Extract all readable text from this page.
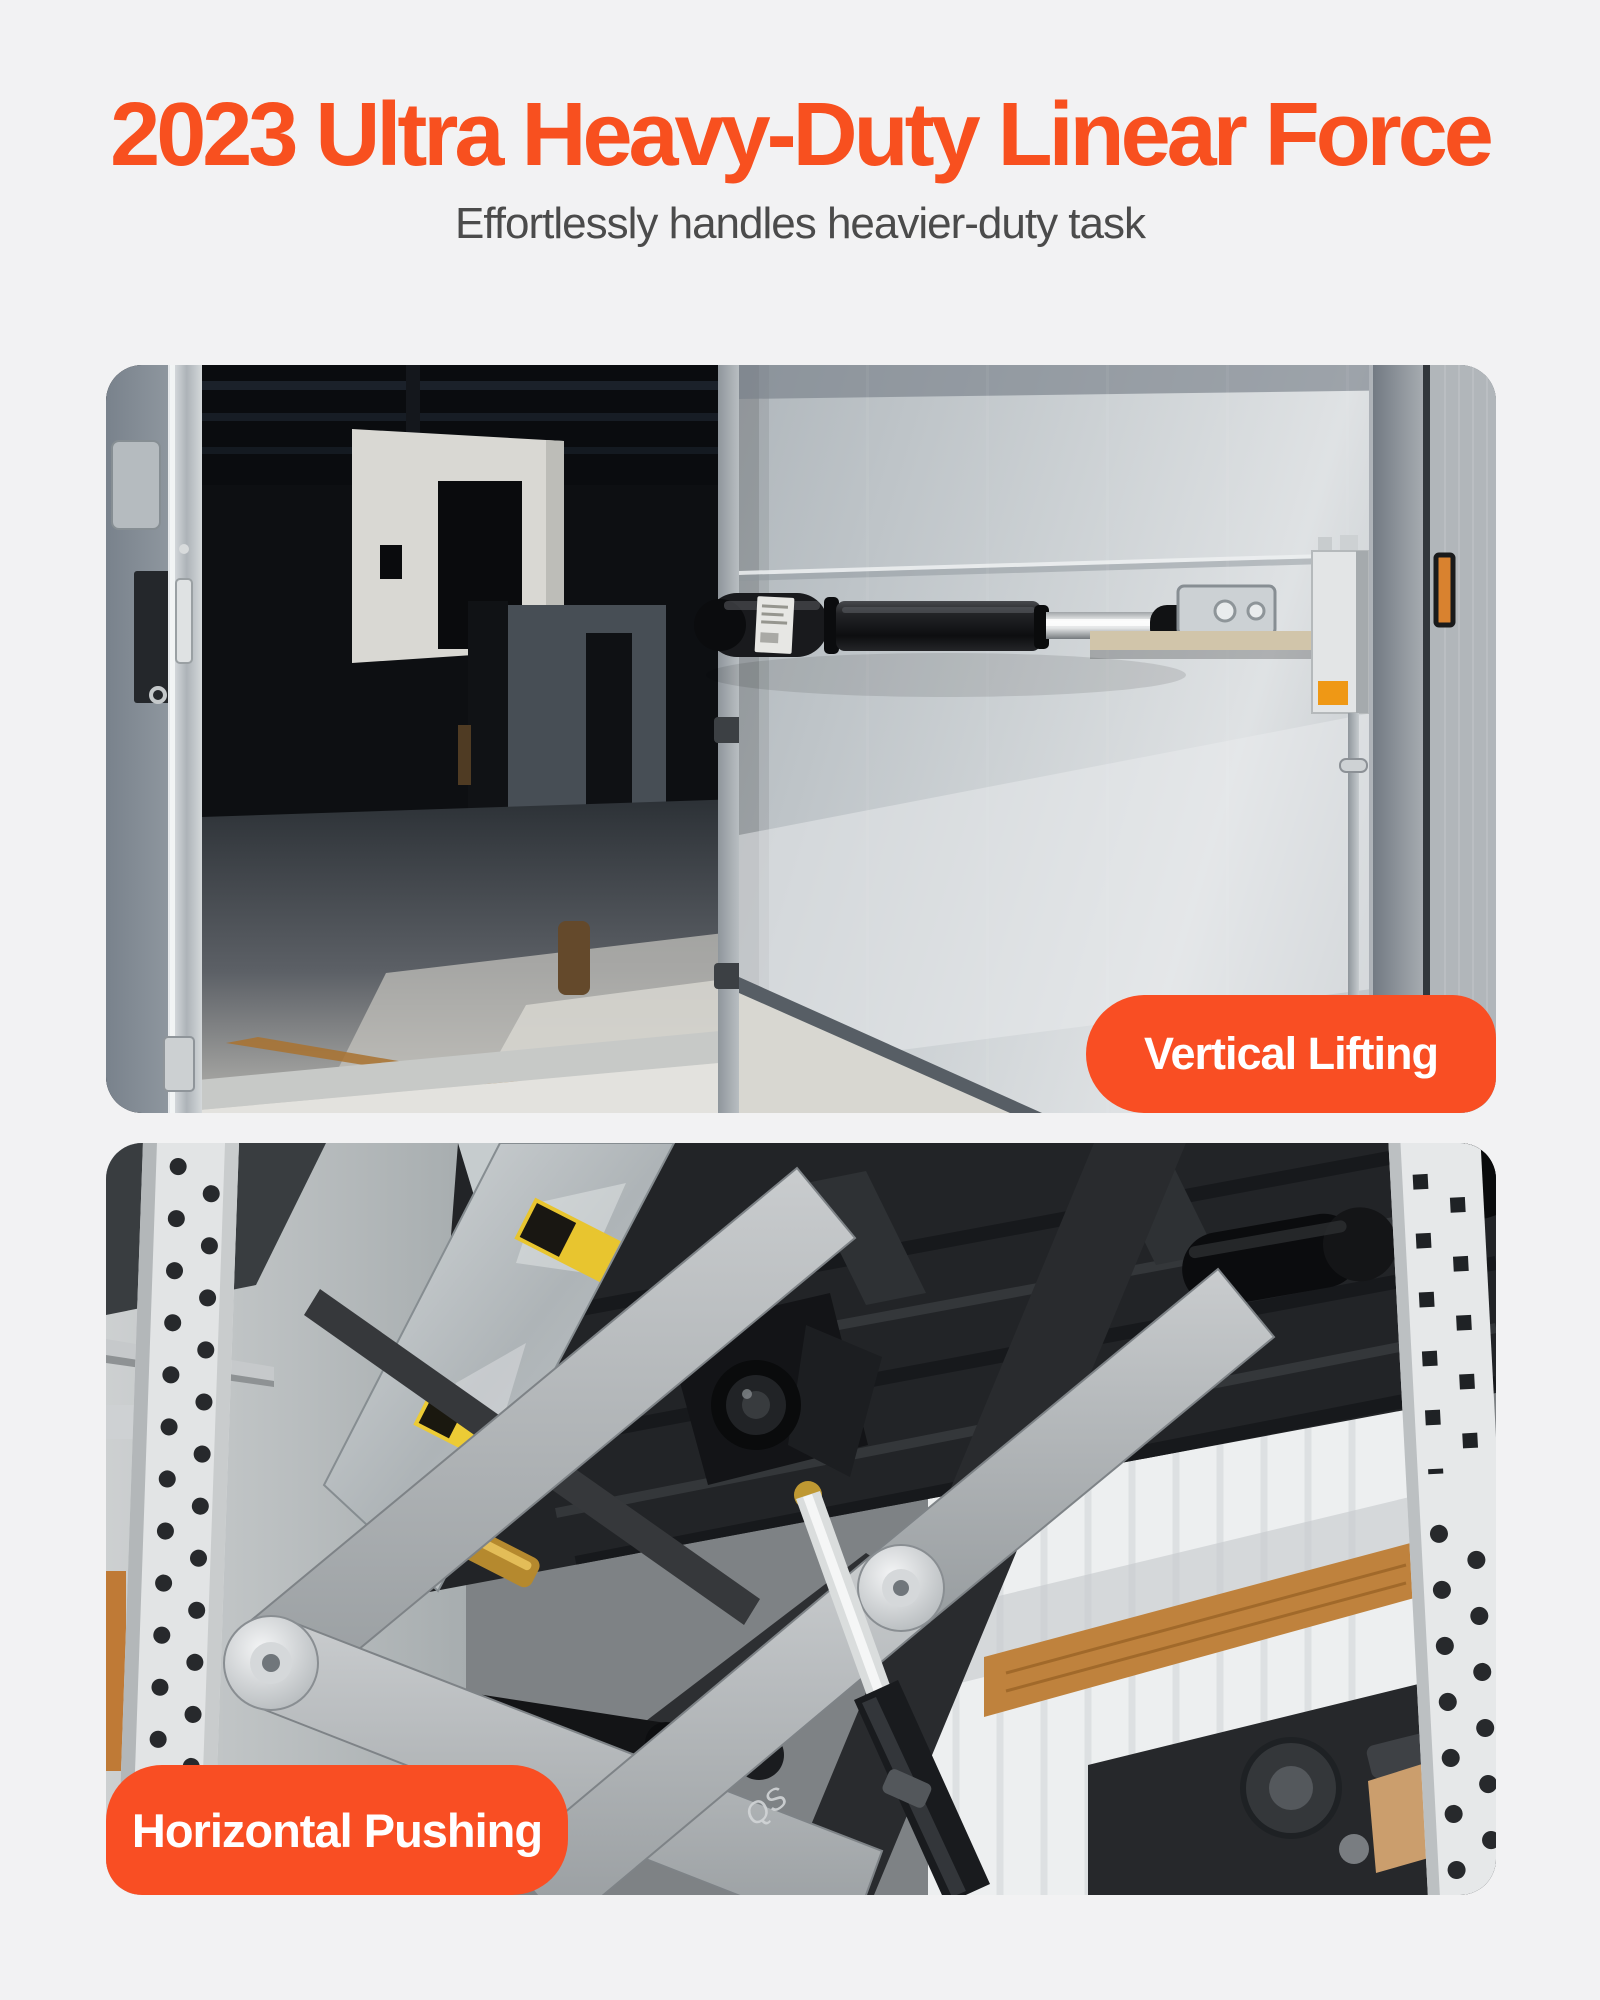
2023 Ultra Heavy-Duty Linear Force

Effortlessly handles heavier-duty task

Vertical Lifting
QS
Horizontal Pushing
